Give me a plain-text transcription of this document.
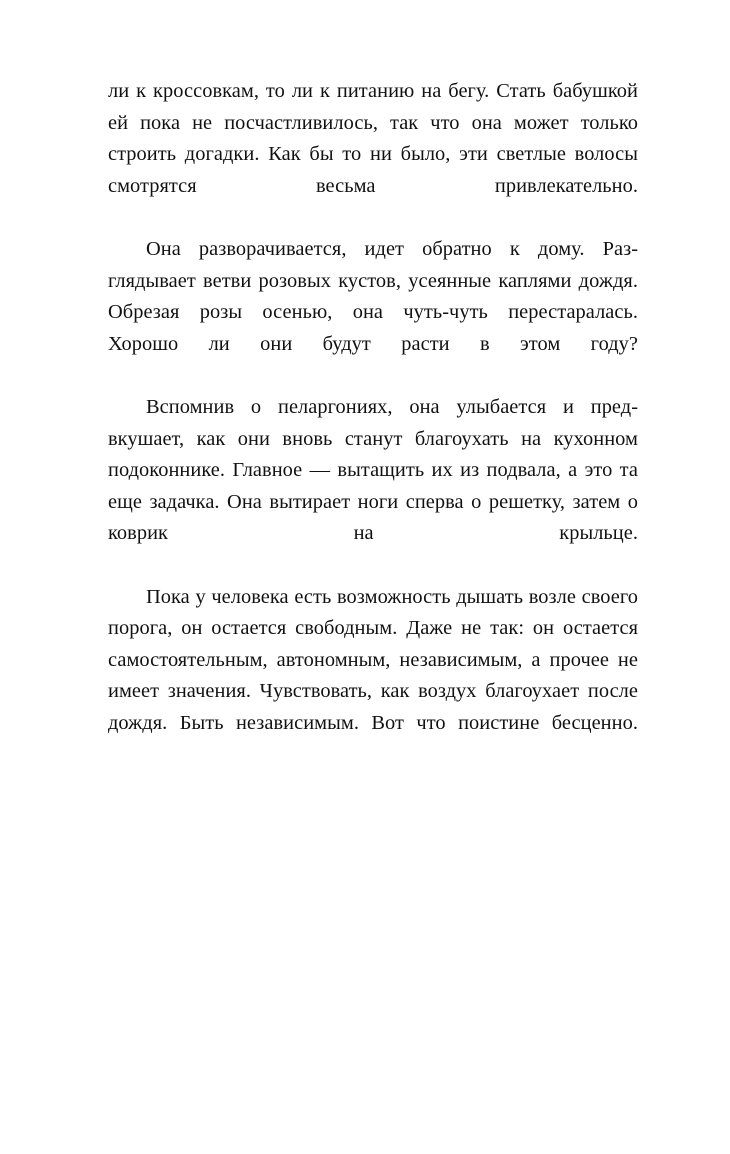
ли к кроссовкам, то ли к питанию на бегу. Стать бабушкой ей пока не посчастливилось, так что она может только строить догадки. Как бы то ни было, эти светлые волосы смотрятся весьма привлекательно.

Она разворачивается, идет обратно к дому. Разглядывает ветви розовых кустов, усеянные каплями дождя. Обрезая розы осенью, она чуть-чуть перестаралась. Хорошо ли они будут расти в этом году?

Вспомнив о пеларгониях, она улыбается и предвкушает, как они вновь станут благоухать на кухонном подоконнике. Главное — вытащить их из подвала, а это та еще задачка. Она вытирает ноги сперва о решетку, затем о коврик на крыльце.

Пока у человека есть возможность дышать возле своего порога, он остается свободным. Даже не так: он остается самостоятельным, автономным, независимым, а прочее не имеет значения. Чувствовать, как воздух благоухает после дождя. Быть независимым. Вот что поистине бесценно.
